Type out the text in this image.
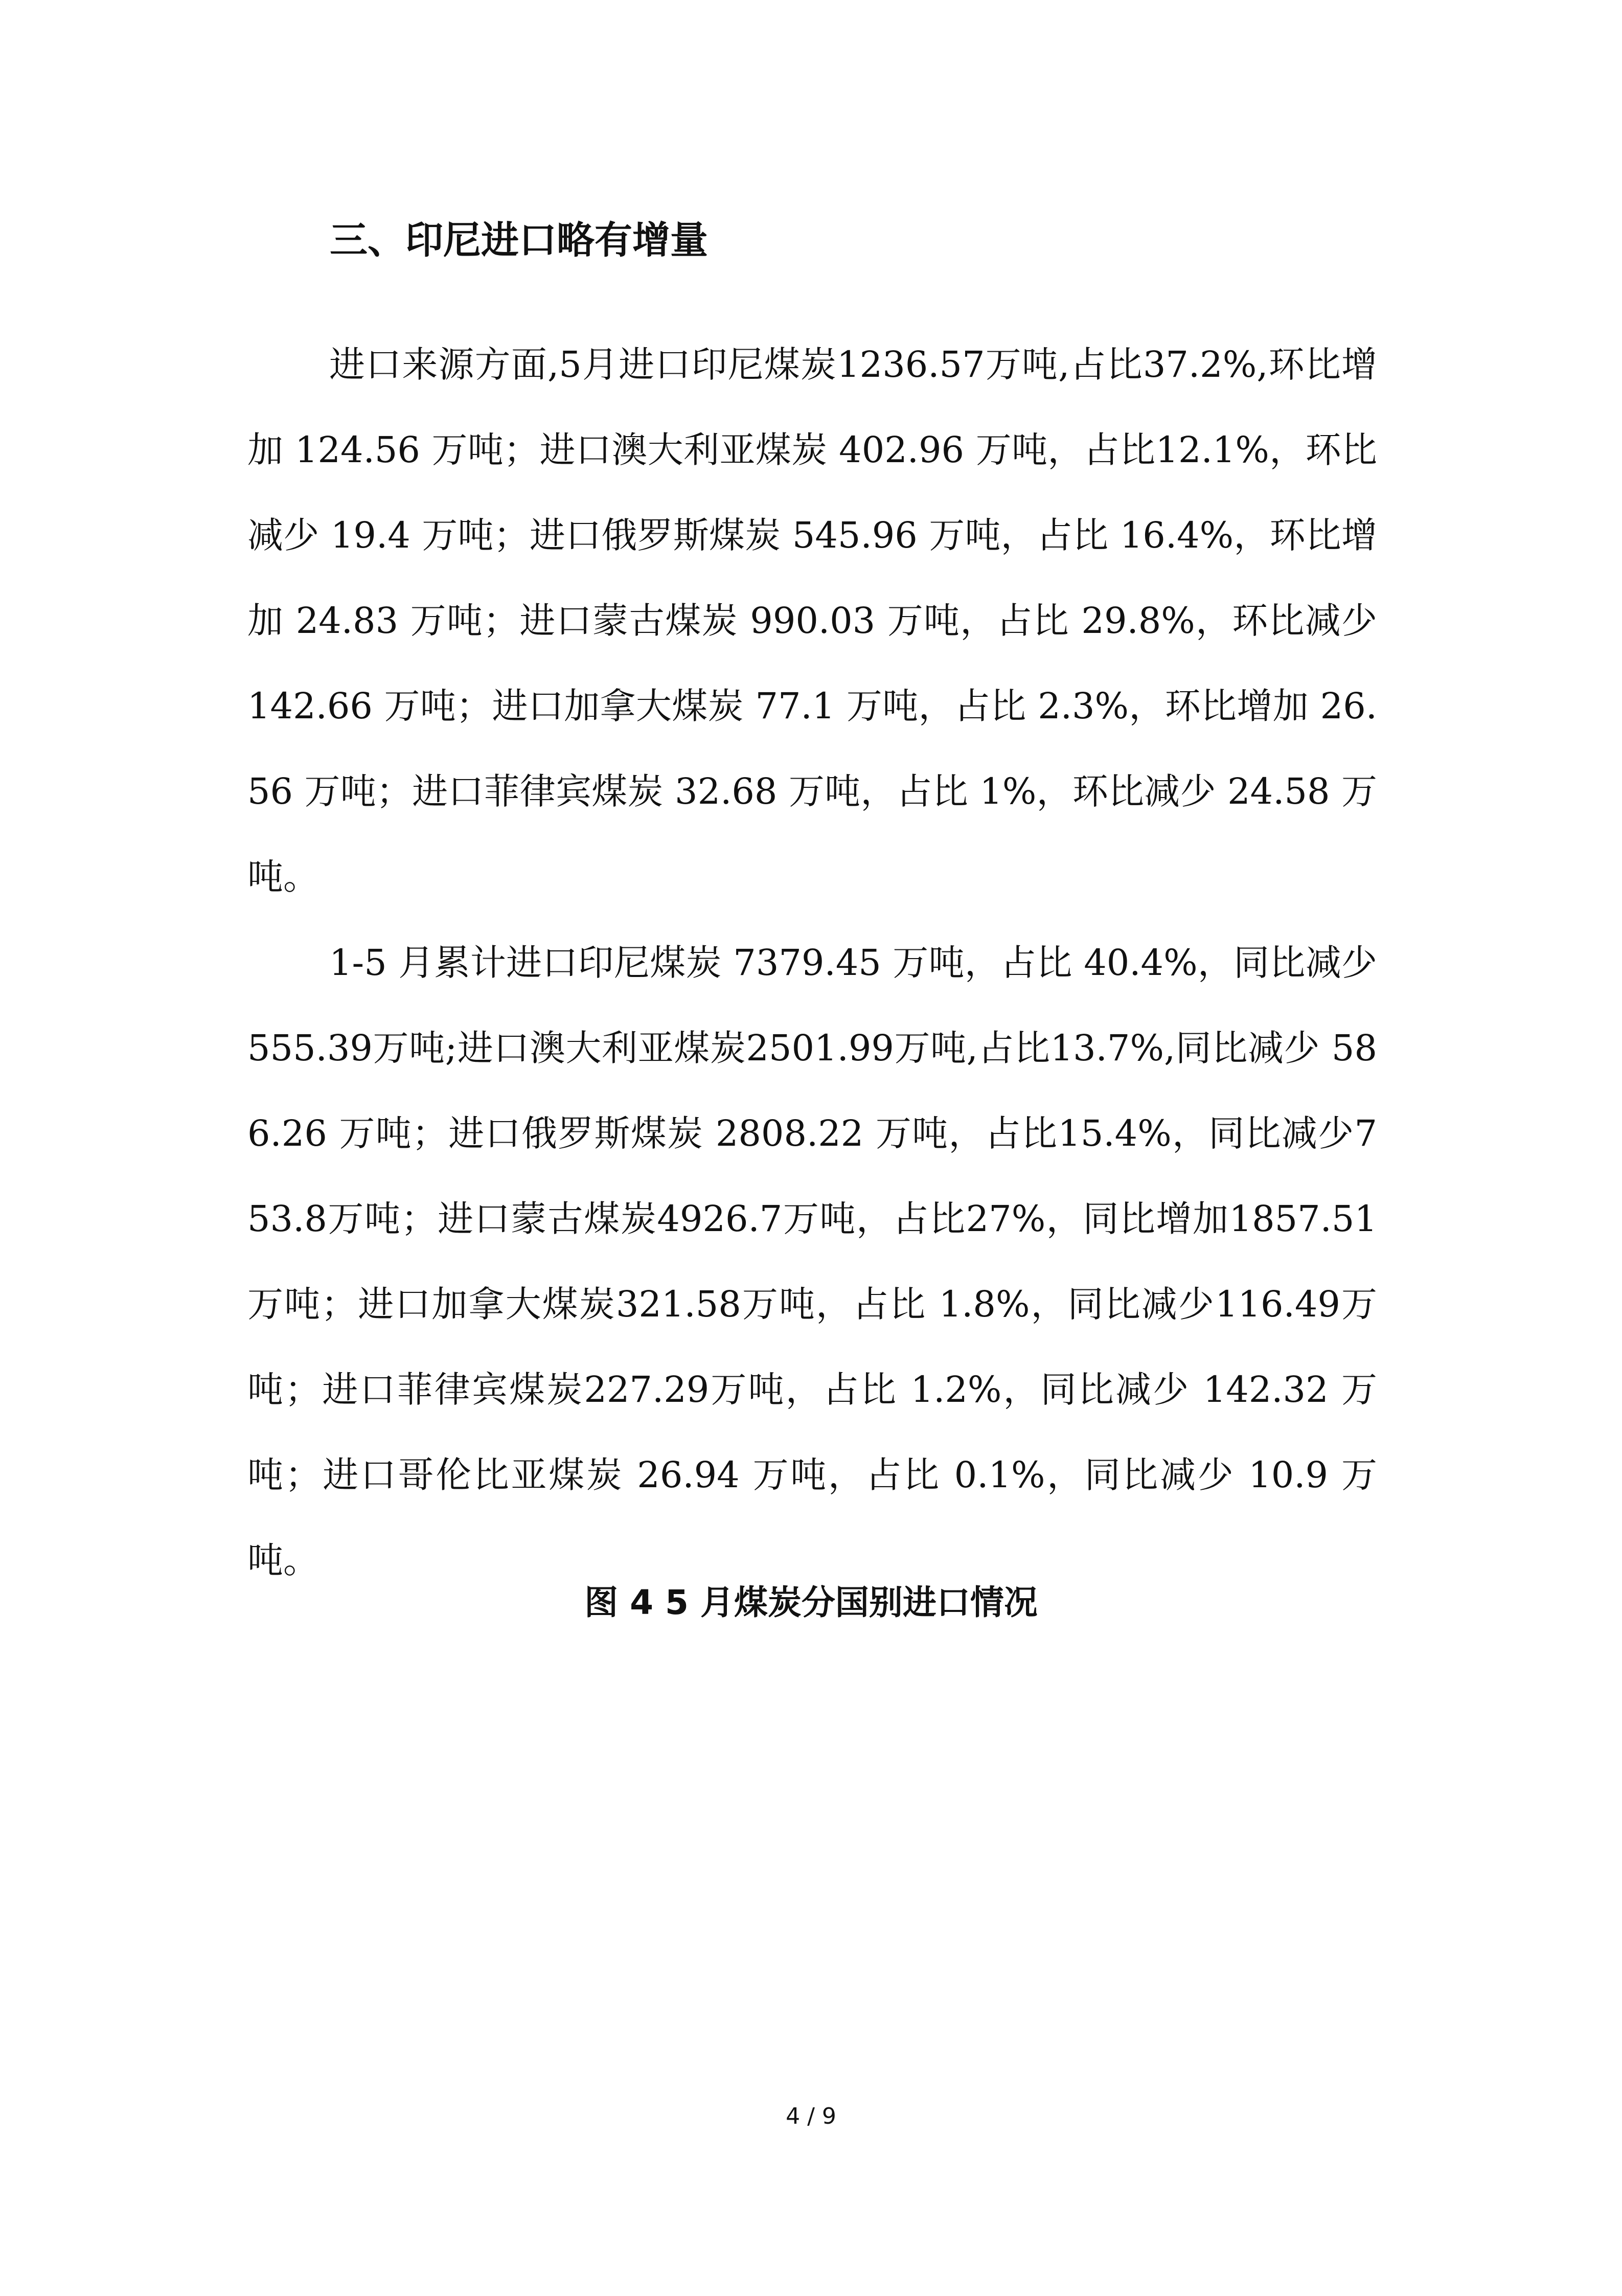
三、印尼进口略有增量

进口来源方面,5月进口印尼煤炭1236.57万吨,占比37.2%,环比增加 124.56 万吨；进口澳大利亚煤炭 402.96 万吨，占比12.1%，环比减少 19.4 万吨；进口俄罗斯煤炭 545.96 万吨，占比 16.4%，环比增加 24.83 万吨；进口蒙古煤炭 990.03 万吨，占比 29.8%，环比减少 142.66 万吨；进口加拿大煤炭 77.1 万吨，占比 2.3%，环比增加 26.56 万吨；进口菲律宾煤炭 32.68 万吨，占比 1%，环比减少 24.58 万吨。

1-5 月累计进口印尼煤炭 7379.45 万吨，占比 40.4%，同比减少555.39万吨;进口澳大利亚煤炭2501.99万吨,占比13.7%,同比减少 586.26 万吨；进口俄罗斯煤炭 2808.22 万吨，占比15.4%，同比减少753.8万吨；进口蒙古煤炭4926.7万吨，占比27%，同比增加1857.51万吨；进口加拿大煤炭321.58万吨，占比 1.8%，同比减少116.49万吨；进口菲律宾煤炭227.29万吨，占比 1.2%，同比减少 142.32 万吨；进口哥伦比亚煤炭 26.94 万吨，占比 0.1%，同比减少 10.9 万吨。

图 4 5 月煤炭分国别进口情况
4 / 9
